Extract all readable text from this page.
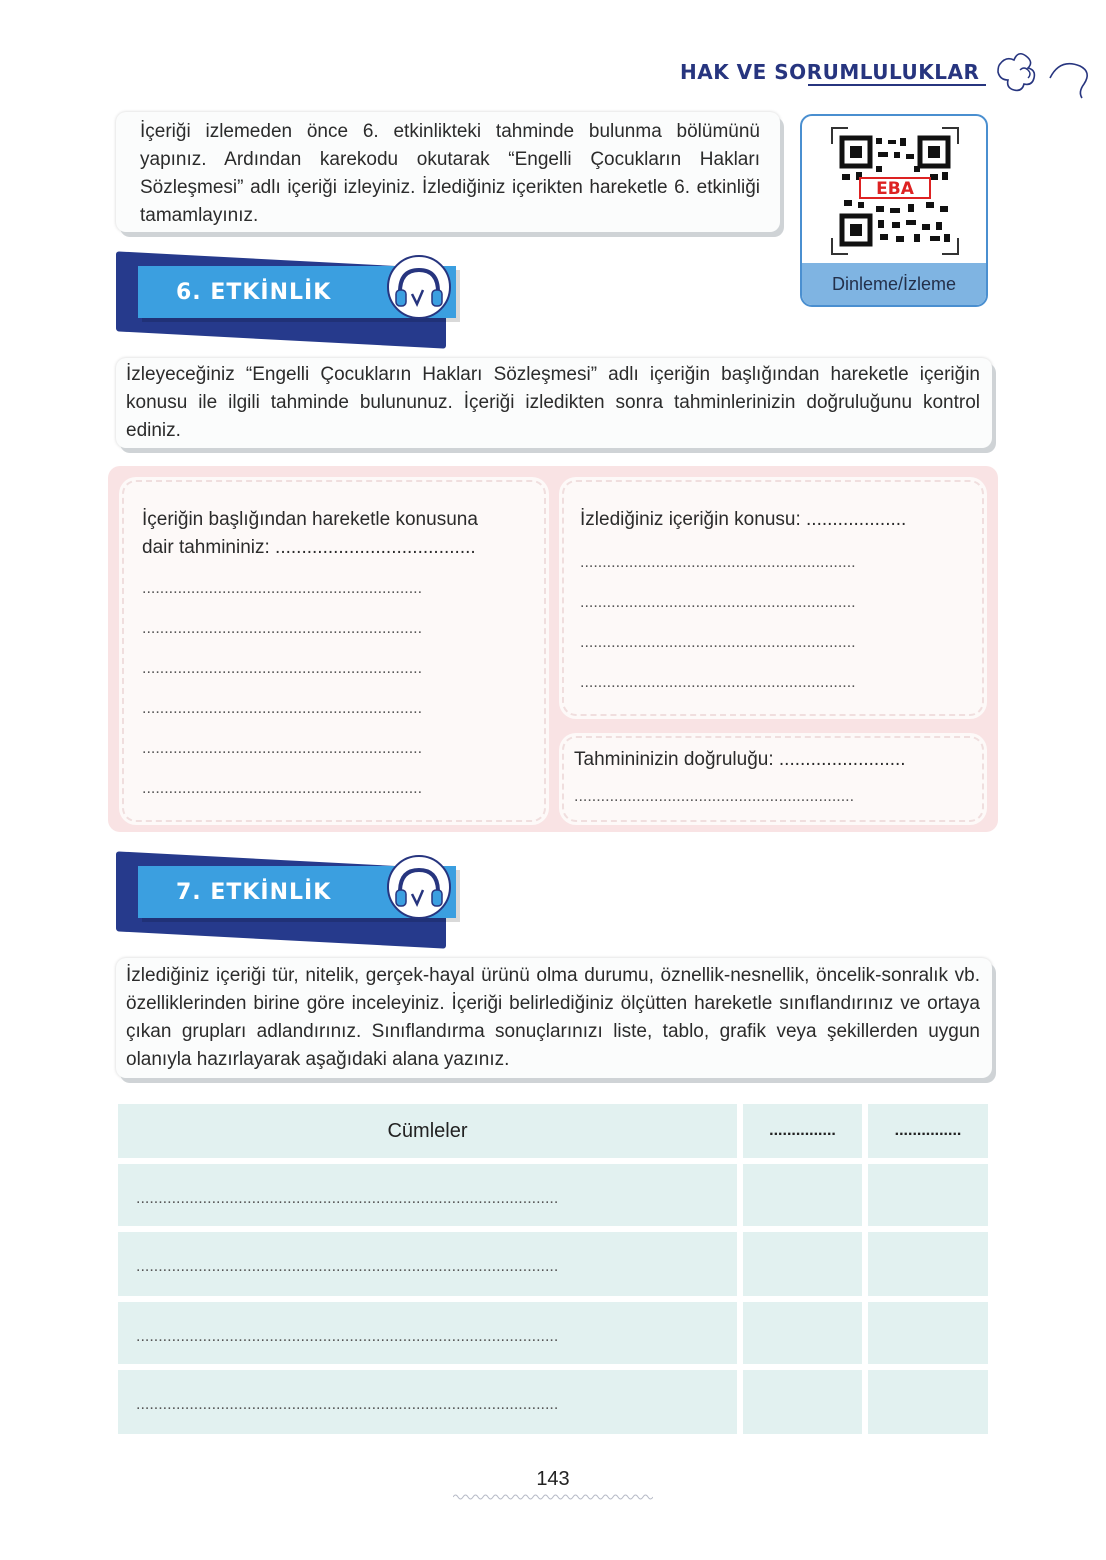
HAK VE SORUMLULUKLAR

İçeriği izlemeden önce 6. etkinlikteki tahminde bulunma bölümünü yapınız. Ardından karekodu okutarak “Engelli Çocukların Hakları Sözleşmesi” adlı içeriği izleyiniz. İzlediğiniz içerikten hareketle 6. etkinliği tamamlayınız.

EBA
Dinleme/İzleme
6. ETKİNLİK

İzleyeceğiniz “Engelli Çocukların Hakları Sözleşmesi” adlı içeriğin başlığından hareketle içeriğin konusu ile ilgili tahminde bulununuz. İçeriği izledikten sonra tahminlerinizin doğruluğunu kontrol ediniz.

İçeriğin başlığından hareketle konusuna
dair tahmininiz: ......................................
...............................................................
...............................................................
...............................................................
...............................................................
...............................................................
...............................................................
İzlediğiniz içeriğin konusu: ...................
..............................................................
..............................................................
..............................................................
..............................................................
Tahmininizin doğruluğu: ........................
...............................................................
7. ETKİNLİK

İzlediğiniz içeriği tür, nitelik, gerçek-hayal ürünü olma durumu, öznellik-nesnellik, öncelik-sonralık vb. özelliklerinden birine göre inceleyiniz. İçeriği belirlediğiniz ölçütten hareketle sınıflandırınız ve ortaya çıkan grupları adlandırınız. Sınıflandırma sonuçlarınızı liste, tablo, grafik veya şekillerden uygun olanıyla hazırlayarak aşağıdaki alana yazınız.

Cümleler	...............	...............
...............................................................................................
...............................................................................................
...............................................................................................
...............................................................................................
143
